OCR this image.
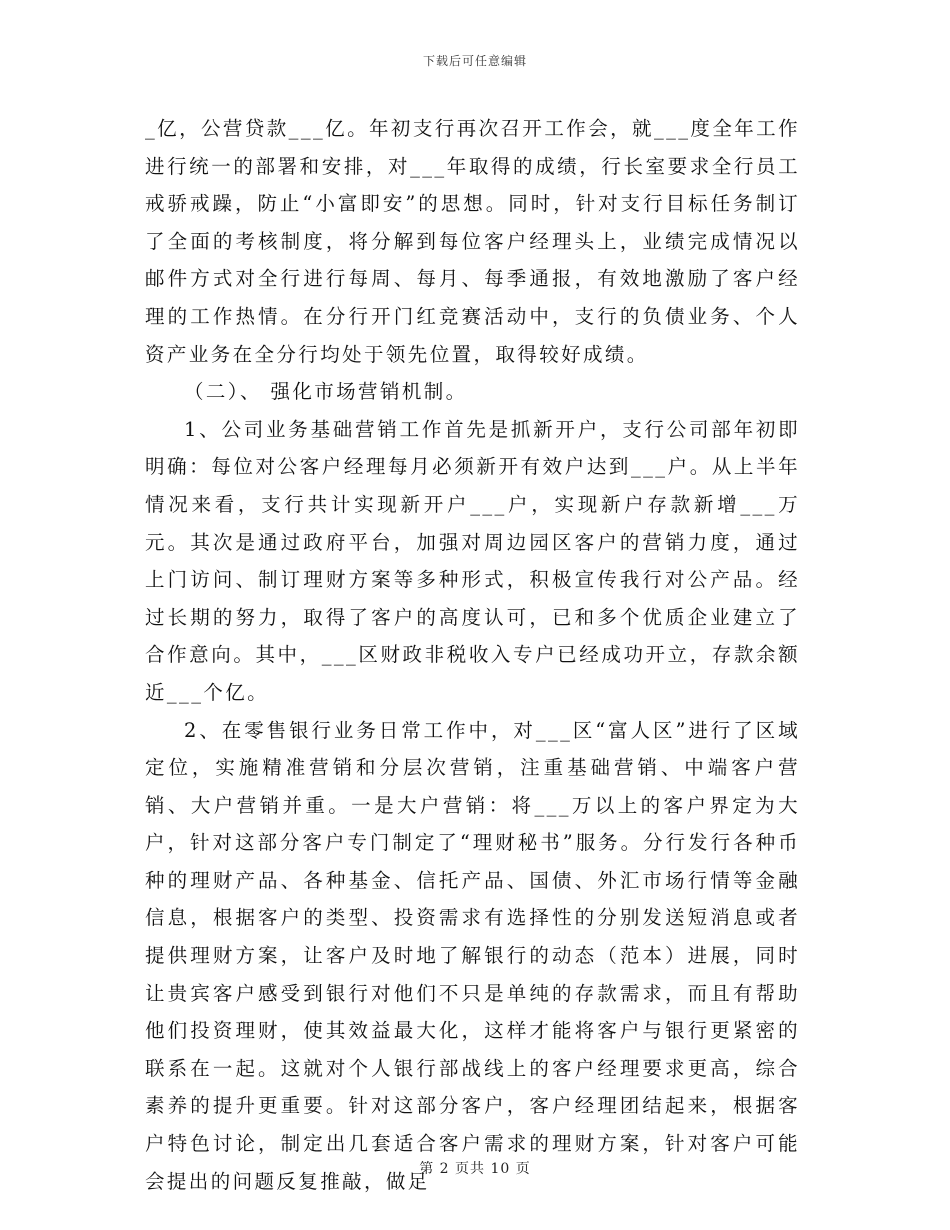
下载后可任意编辑

_亿，公营贷款___亿。年初支行再次召开工作会，就___度全年工作进行统一的部署和安排，对___年取得的成绩，行长室要求全行员工戒骄戒躁，防止“小富即安”的思想。同时，针对支行目标任务制订了全面的考核制度，将分解到每位客户经理头上，业绩完成情况以邮件方式对全行进行每周、每月、每季通报，有效地激励了客户经理的工作热情。在分行开门红竞赛活动中，支行的负债业务、个人资产业务在全分行均处于领先位置，取得较好成绩。

（二）、 强化市场营销机制。

1、公司业务基础营销工作首先是抓新开户，支行公司部年初即明确：每位对公客户经理每月必须新开有效户达到___户。从上半年情况来看，支行共计实现新开户___户，实现新户存款新增___万元。其次是通过政府平台，加强对周边园区客户的营销力度，通过上门访问、制订理财方案等多种形式，积极宣传我行对公产品。经过长期的努力，取得了客户的高度认可，已和多个优质企业建立了合作意向。其中，___区财政非税收入专户已经成功开立，存款余额近___个亿。

2、在零售银行业务日常工作中，对___区“富人区”进行了区域定位，实施精准营销和分层次营销，注重基础营销、中端客户营销、大户营销并重。一是大户营销：将___万以上的客户界定为大户，针对这部分客户专门制定了“理财秘书”服务。分行发行各种币种的理财产品、各种基金、信托产品、国债、外汇市场行情等金融信息，根据客户的类型、投资需求有选择性的分别发送短消息或者提供理财方案，让客户及时地了解银行的动态（范本）进展，同时让贵宾客户感受到银行对他们不只是单纯的存款需求，而且有帮助他们投资理财，使其效益最大化，这样才能将客户与银行更紧密的联系在一起。这就对个人银行部战线上的客户经理要求更高，综合素养的提升更重要。针对这部分客户，客户经理团结起来，根据客户特色讨论，制定出几套适合客户需求的理财方案，针对客户可能会提出的问题反复推敲，做足

第 2 页共 10 页
